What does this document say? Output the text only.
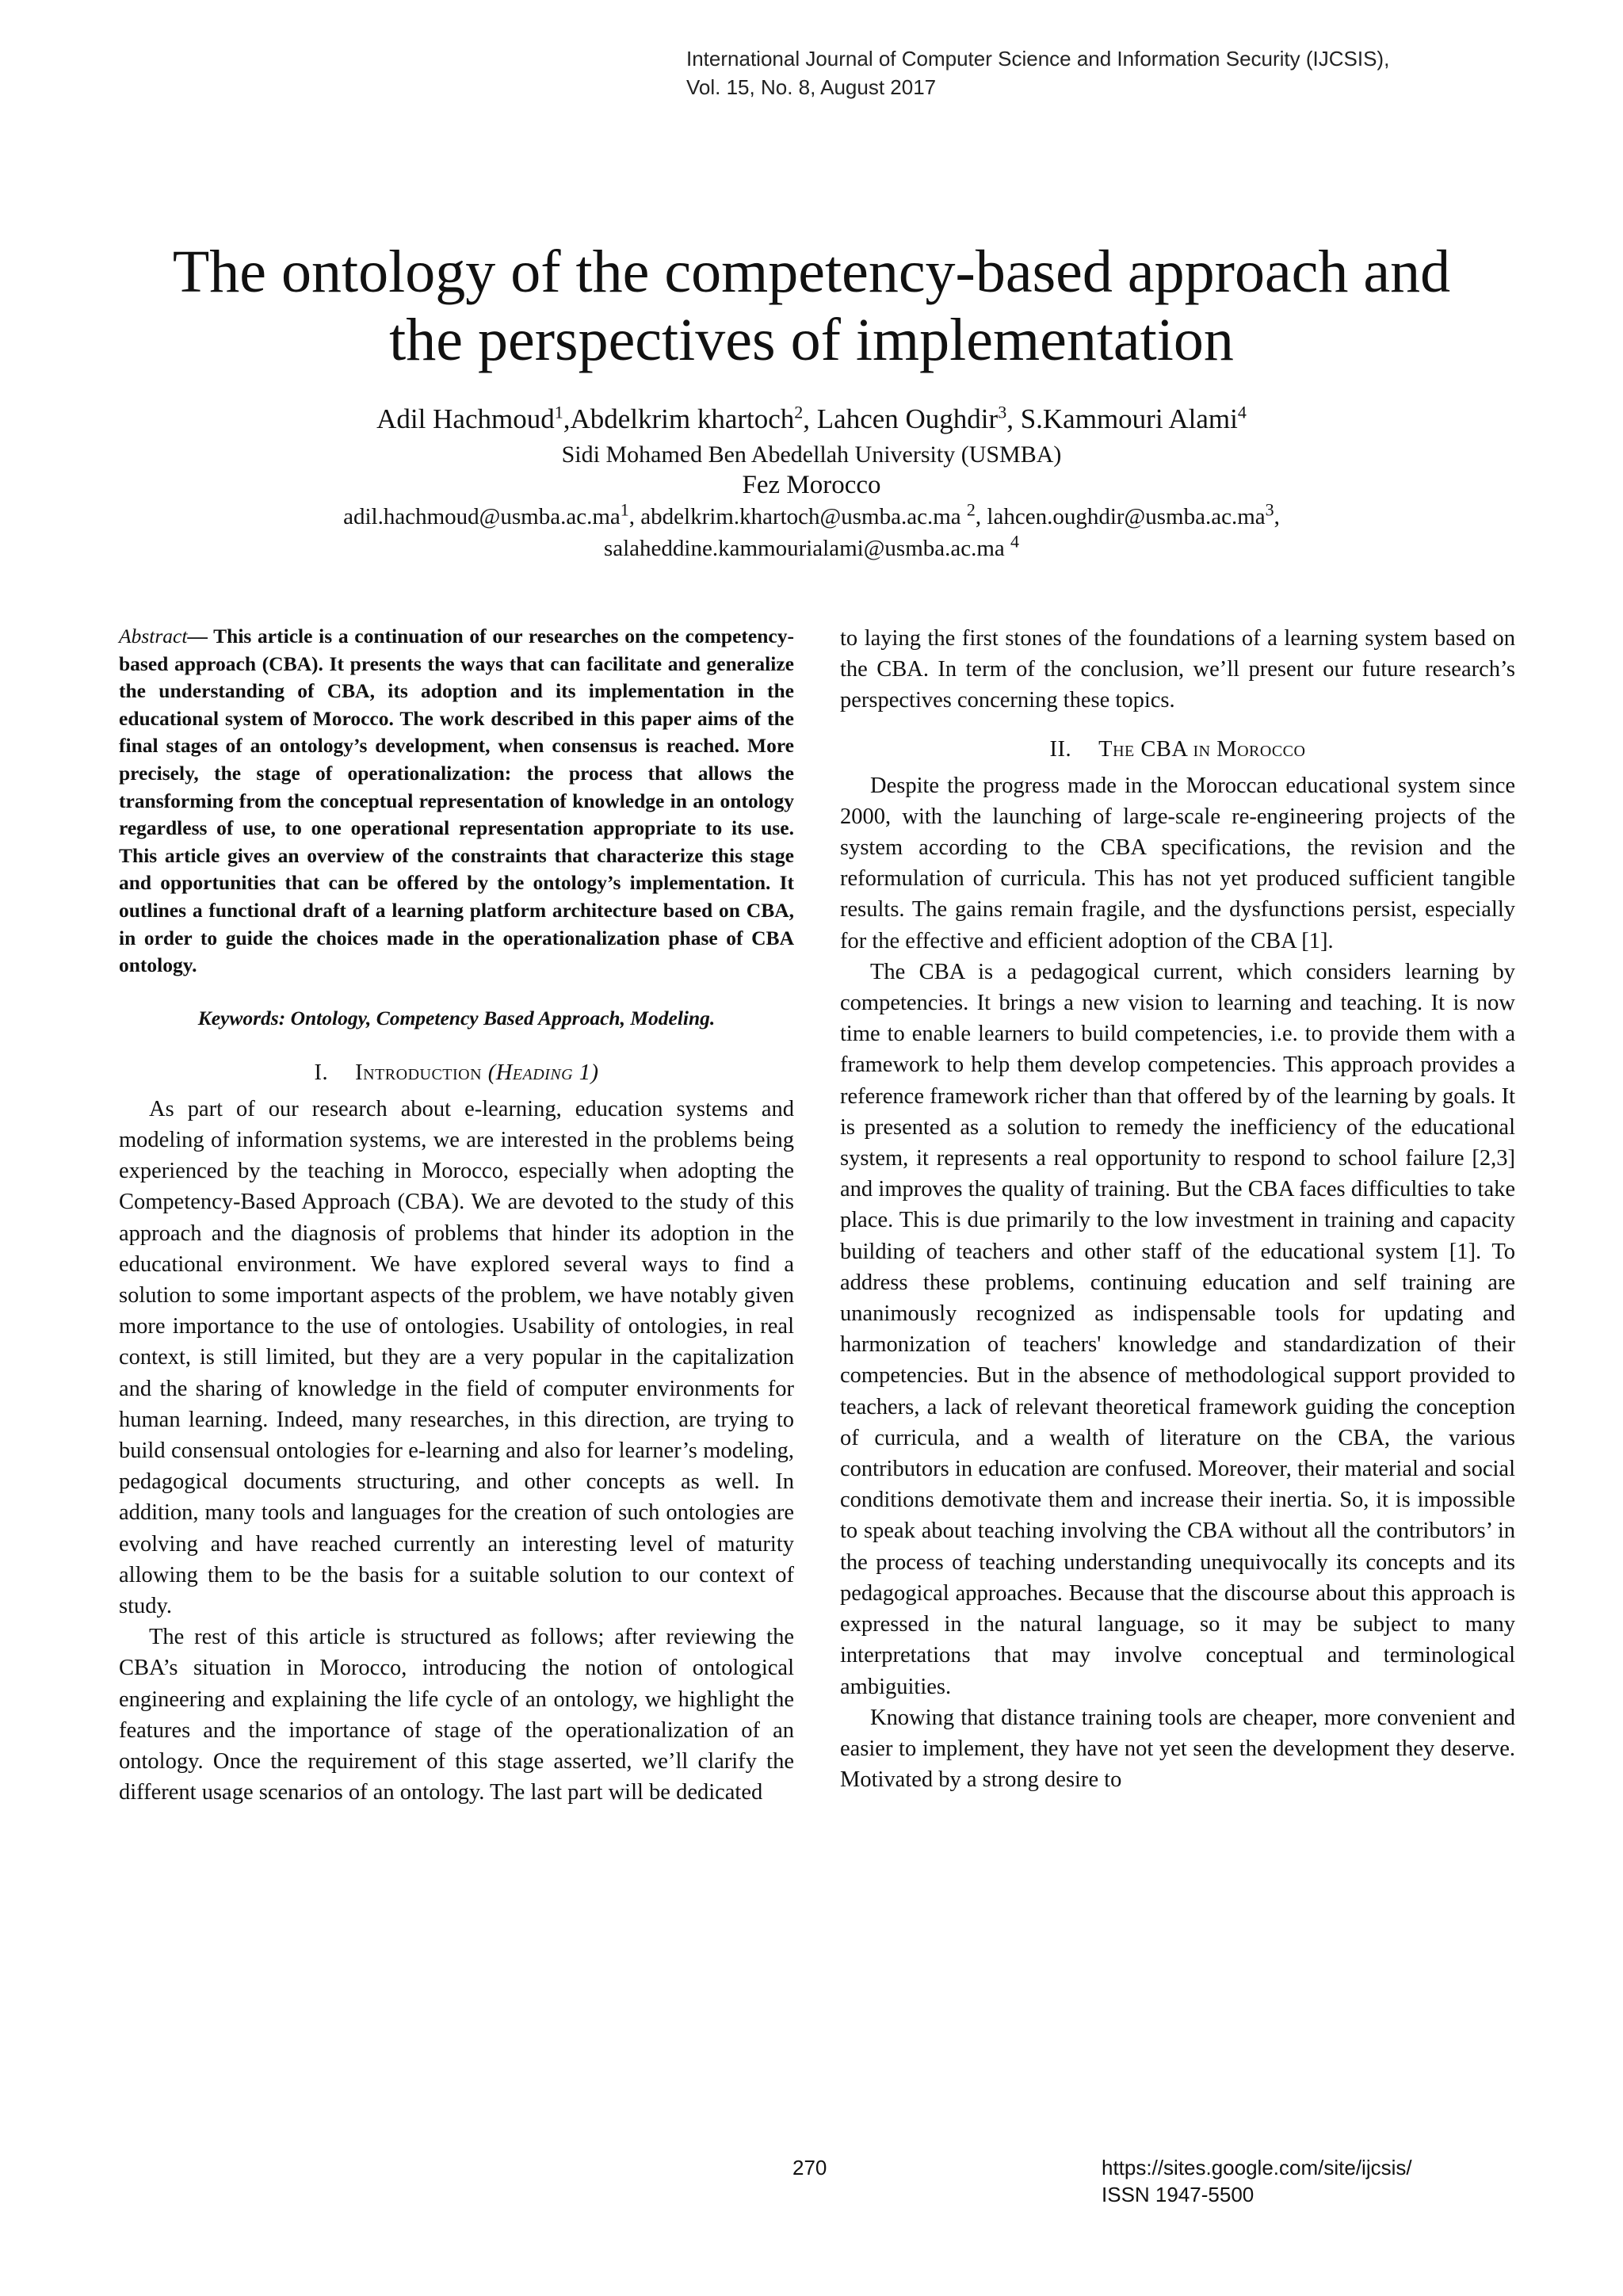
International Journal of Computer Science and Information Security (IJCSIS),
Vol. 15, No. 8, August 2017
The ontology of the competency-based approach and
the perspectives of implementation
Adil Hachmoud$^1$,Abdelkrim khartoch$^2$, Lahcen Oughdir$^3$, S.Kammouri Alami$^4$
Sidi Mohamed Ben Abedellah University (USMBA)
Fez Morocco
$adil.hachmoud@usmba.ac.ma^1$, abdelkrim.khartoch@usmba.ac.ma $^2$, $lahcen.oughdir@usmba.ac.ma^3$,
salaheddine.kammourialami@usmba.ac.ma $^4$

Abstract— This article is a continuation of our researches on the competency-based approach (CBA). It presents the ways that can facilitate and generalize the understanding of CBA, its adoption and its implementation in the educational system of Morocco. The work described in this paper aims of the final stages of an ontology’s development, when consensus is reached. More precisely, the stage of operationalization: the process that allows the transforming from the conceptual representation of knowledge in an ontology regardless of use, to one operational representation appropriate to its use. This article gives an overview of the constraints that characterize this stage and opportunities that can be offered by the ontology’s implementation. It outlines a functional draft of a learning platform architecture based on CBA, in order to guide the choices made in the operationalization phase of CBA ontology.

Keywords: Ontology, Competency Based Approach, Modeling.

I. Introduction (Heading 1)

As part of our research about e-learning, education systems and modeling of information systems, we are interested in the problems being experienced by the teaching in Morocco, especially when adopting the Competency-Based Approach (CBA). We are devoted to the study of this approach and the diagnosis of problems that hinder its adoption in the educational environment. We have explored several ways to find a solution to some important aspects of the problem, we have notably given more importance to the use of ontologies. Usability of ontologies, in real context, is still limited, but they are a very popular in the capitalization and the sharing of knowledge in the field of computer environments for human learning. Indeed, many researches, in this direction, are trying to build consensual ontologies for e-learning and also for learner’s modeling, pedagogical documents structuring, and other concepts as well. In addition, many tools and languages for the creation of such ontologies are evolving and have reached currently an interesting level of maturity allowing them to be the basis for a suitable solution to our context of study.

The rest of this article is structured as follows; after reviewing the CBA’s situation in Morocco, introducing the notion of ontological engineering and explaining the life cycle of an ontology, we highlight the features and the importance of stage of the operationalization of an ontology. Once the requirement of this stage asserted, we’ll clarify the different usage scenarios of an ontology. The last part will be dedicated

to laying the first stones of the foundations of a learning system based on the CBA. In term of the conclusion, we’ll present our future research’s perspectives concerning these topics.

II. The CBA in Morocco

Despite the progress made in the Moroccan educational system since 2000, with the launching of large-scale re-engineering projects of the system according to the CBA specifications, the revision and the reformulation of curricula. This has not yet produced sufficient tangible results. The gains remain fragile, and the dysfunctions persist, especially for the effective and efficient adoption of the CBA [1].

The CBA is a pedagogical current, which considers learning by competencies. It brings a new vision to learning and teaching. It is now time to enable learners to build competencies, i.e. to provide them with a framework to help them develop competencies. This approach provides a reference framework richer than that offered by of the learning by goals. It is presented as a solution to remedy the inefficiency of the educational system, it represents a real opportunity to respond to school failure [2,3] and improves the quality of training. But the CBA faces difficulties to take place. This is due primarily to the low investment in training and capacity building of teachers and other staff of the educational system [1]. To address these problems, continuing education and self training are unanimously recognized as indispensable tools for updating and harmonization of teachers' knowledge and standardization of their competencies. But in the absence of methodological support provided to teachers, a lack of relevant theoretical framework guiding the conception of curricula, and a wealth of literature on the CBA, the various contributors in education are confused. Moreover, their material and social conditions demotivate them and increase their inertia. So, it is impossible to speak about teaching involving the CBA without all the contributors’ in the process of teaching understanding unequivocally its concepts and its pedagogical approaches. Because that the discourse about this approach is expressed in the natural language, so it may be subject to many interpretations that may involve conceptual and terminological ambiguities.

Knowing that distance training tools are cheaper, more convenient and easier to implement, they have not yet seen the development they deserve. Motivated by a strong desire to

270	https://sites.google.com/site/ijcsis/
ISSN 1947-5500
